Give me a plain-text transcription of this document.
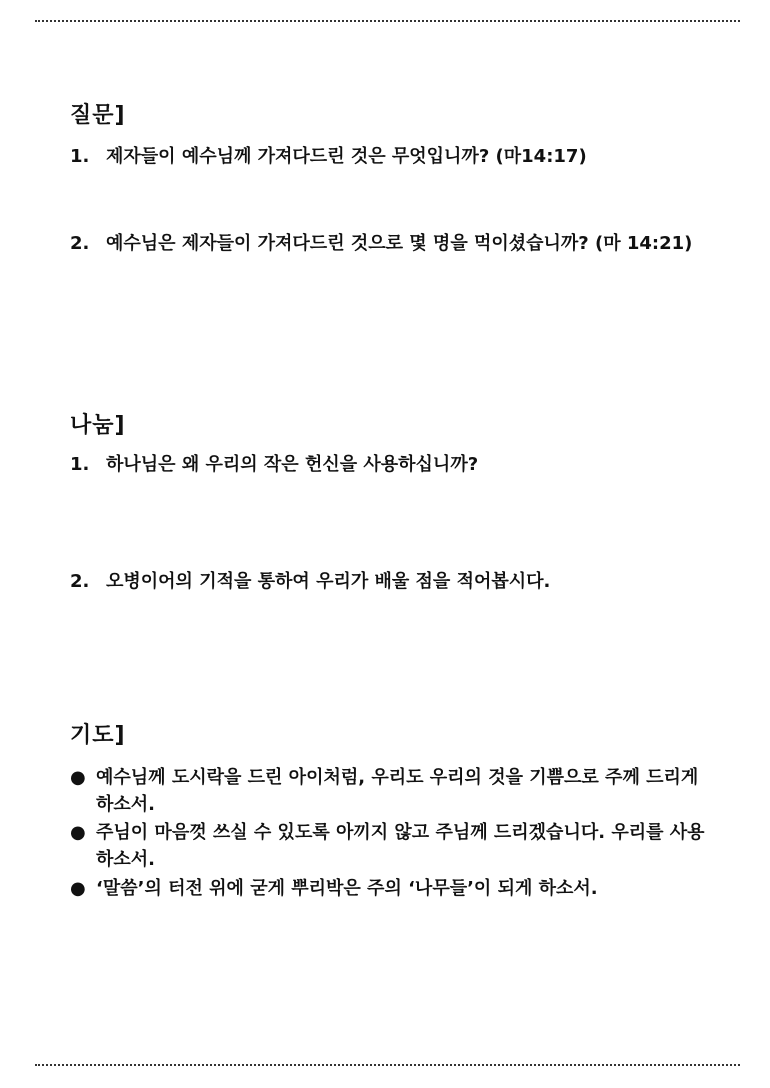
질문]
1. 제자들이 예수님께 가져다드린 것은 무엇입니까? (마14:17)
2. 예수님은 제자들이 가져다드린 것으로 몇 명을 먹이셨습니까? (마 14:21)
나눔]
1. 하나님은 왜 우리의 작은 헌신을 사용하십니까?
2. 오병이어의 기적을 통하여 우리가 배울 점을 적어봅시다.
기도]
● 예수님께 도시락을 드린 아이처럼, 우리도 우리의 것을 기쁨으로 주께 드리게 하소서.
● 주님이 마음껏 쓰실 수 있도록 아끼지 않고 주님께 드리겠습니다. 우리를 사용하소서.
● ‘말씀’의 터전 위에 굳게 뿌리박은 주의 ‘나무들’이 되게 하소서.
